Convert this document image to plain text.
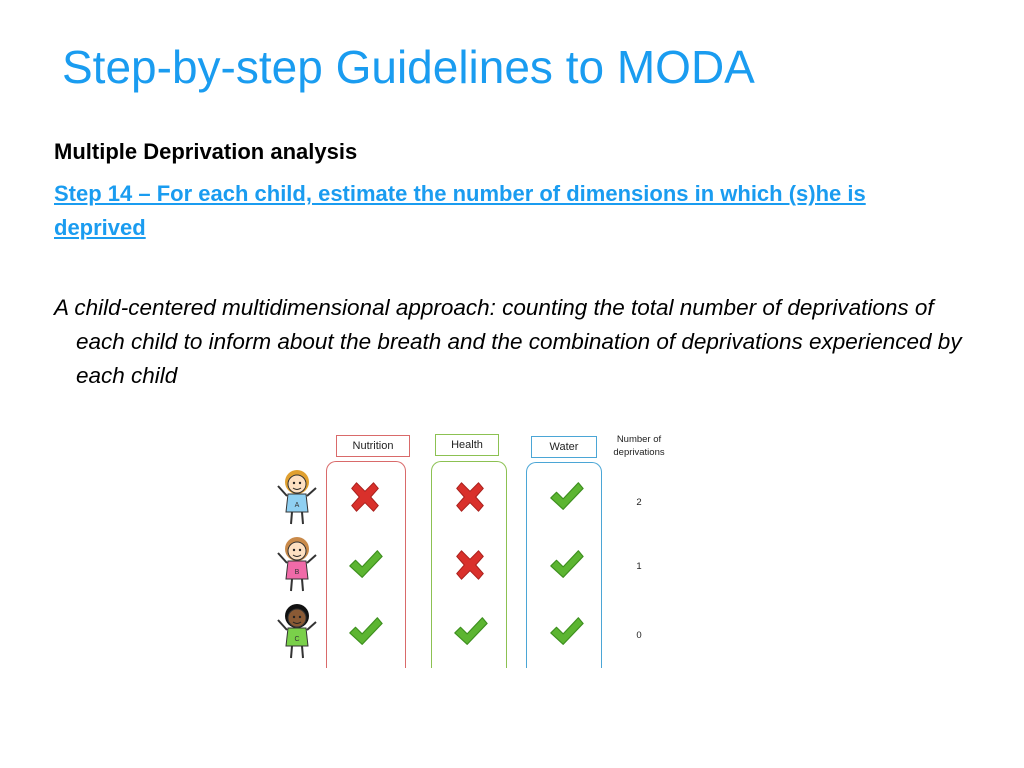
Step-by-step Guidelines to MODA
Multiple Deprivation analysis
Step 14 – For each child, estimate the number of dimensions in which (s)he is deprived
A child-centered multidimensional approach: counting the total number of deprivations of each child to inform about the breath and the combination of deprivations experienced by each child
Nutrition	Health	Water
Number of deprivations
A
B
C
2
1
0
